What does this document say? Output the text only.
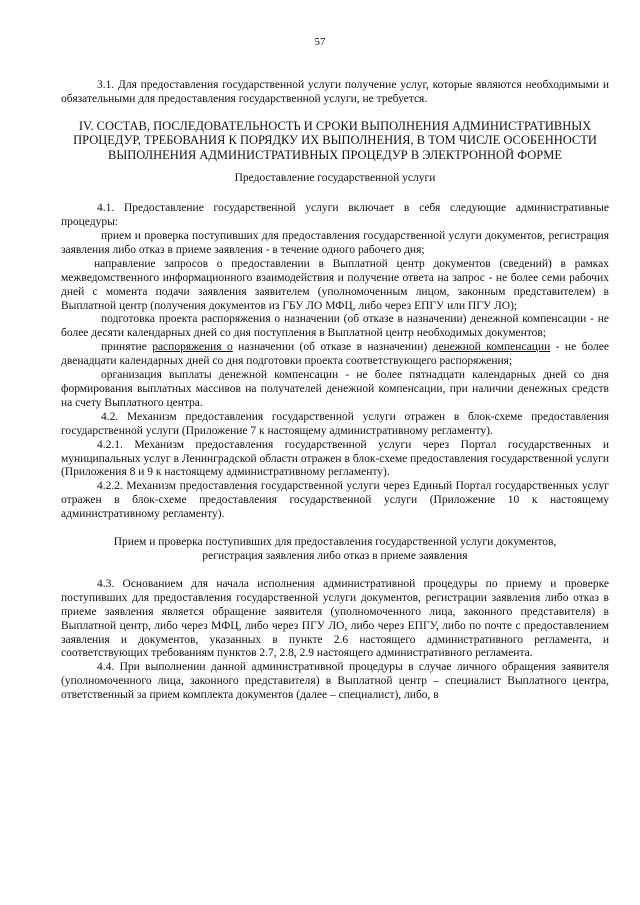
57

3.1. Для предоставления государственной услуги получение услуг, которые являются необходимыми и обязательными для предоставления государственной услуги, не требуется.

IV. СОСТАВ, ПОСЛЕДОВАТЕЛЬНОСТЬ И СРОКИ ВЫПОЛНЕНИЯ АДМИНИСТРАТИВНЫХ ПРОЦЕДУР, ТРЕБОВАНИЯ К ПОРЯДКУ ИХ ВЫПОЛНЕНИЯ, В ТОМ ЧИСЛЕ ОСОБЕННОСТИ ВЫПОЛНЕНИЯ АДМИНИСТРАТИВНЫХ ПРОЦЕДУР В ЭЛЕКТРОННОЙ ФОРМЕ
Предоставление государственной услуги

4.1. Предоставление государственной услуги включает в себя следующие административные процедуры:

прием и проверка поступивших для предоставления государственной услуги документов, регистрация заявления либо отказ в приеме заявления - в течение одного рабочего дня;

направление запросов о предоставлении в Выплатной центр документов (сведений) в рамках межведомственного информационного взаимодействия и получение ответа на запрос - не более семи рабочих дней с момента подачи заявления заявителем (уполномоченным лицом, законным представителем) в Выплатной центр (получения документов из ГБУ ЛО МФЦ, либо через ЕПГУ или ПГУ ЛО);

подготовка проекта распоряжения о назначении (об отказе в назначении) денежной компенсации - не более десяти календарных дней со дня поступления в Выплатной центр необходимых документов;

принятие распоряжения о назначении (об отказе в назначении) денежной компенсации - не более двенадцати календарных дней со дня подготовки проекта соответствующего распоряжения;

организация выплаты денежной компенсации - не более пятнадцати календарных дней со дня формирования выплатных массивов на получателей денежной компенсации, при наличии денежных средств на счету Выплатного центра.

4.2. Механизм предоставления государственной услуги отражен в блок-схеме предоставления государственной услуги (Приложение 7 к настоящему административному регламенту).

4.2.1. Механизм предоставления государственной услуги через Портал государственных и муниципальных услуг в Ленинградской области отражен в блок-схеме предоставления государственной услуги (Приложения 8 и 9 к настоящему административному регламенту).

4.2.2. Механизм предоставления государственной услуги через Единый Портал государственных услуг отражен в блок-схеме предоставления государственной услуги (Приложение 10 к настоящему административному регламенту).

Прием и проверка поступивших для предоставления государственной услуги документов,
регистрация заявления либо отказ в приеме заявления

4.3. Основанием для начала исполнения административной процедуры по приему и проверке поступивших для предоставления государственной услуги документов, регистрации заявления либо отказ в приеме заявления является обращение заявителя (уполномоченного лица, законного представителя) в Выплатной центр, либо через МФЦ, либо через ПГУ ЛО, либо через ЕПГУ, либо по почте с предоставлением заявления и документов, указанных в пункте 2.6 настоящего административного регламента, и соответствующих требованиям пунктов 2.7, 2.8, 2.9 настоящего административного регламента.

4.4. При выполнении данной административной процедуры в случае личного обращения заявителя (уполномоченного лица, законного представителя) в Выплатной центр – специалист Выплатного центра, ответственный за прием комплекта документов (далее – специалист), либо, в
